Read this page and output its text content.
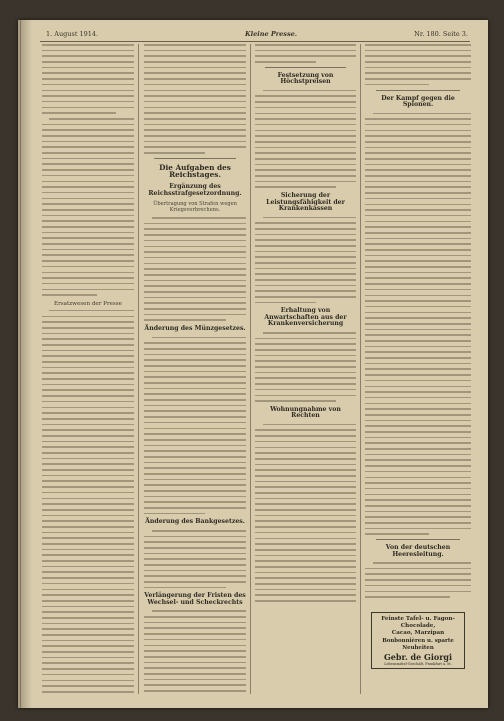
1. August 1914.	Kleine Presse.	Nr. 180. Seite 3.
Ersatzwesen der Presse
Die Aufgaben des Reichstages.
Ergänzung des Reichsstrafgesetzordnung.
Übertragung von Strafen wegen Kriegsverbrechens.
Änderung des Münzgesetzes.
Änderung des Bankgesetzes.
Verlängerung der Fristen des Wechsel- und Scheckrechts
Festsetzung von Höchstpreisen
Sicherung der Leistungsfähigkeit der Krankenkassen
Erhaltung von Anwartschaften aus der Krankenversicherung
Wohnungnahme von Rechten
Der Kampf gegen die Spionen.
Von der deutschen Heeresleitung.
Feinste Tafel- u. Fagon-Chocolade,
Cacao, Marzipan
Bonbonnièren u. sparte Neuheiten
Gebr. de Giorgi
Lebensmittel-Geschäft, Frankfurt a. M.
